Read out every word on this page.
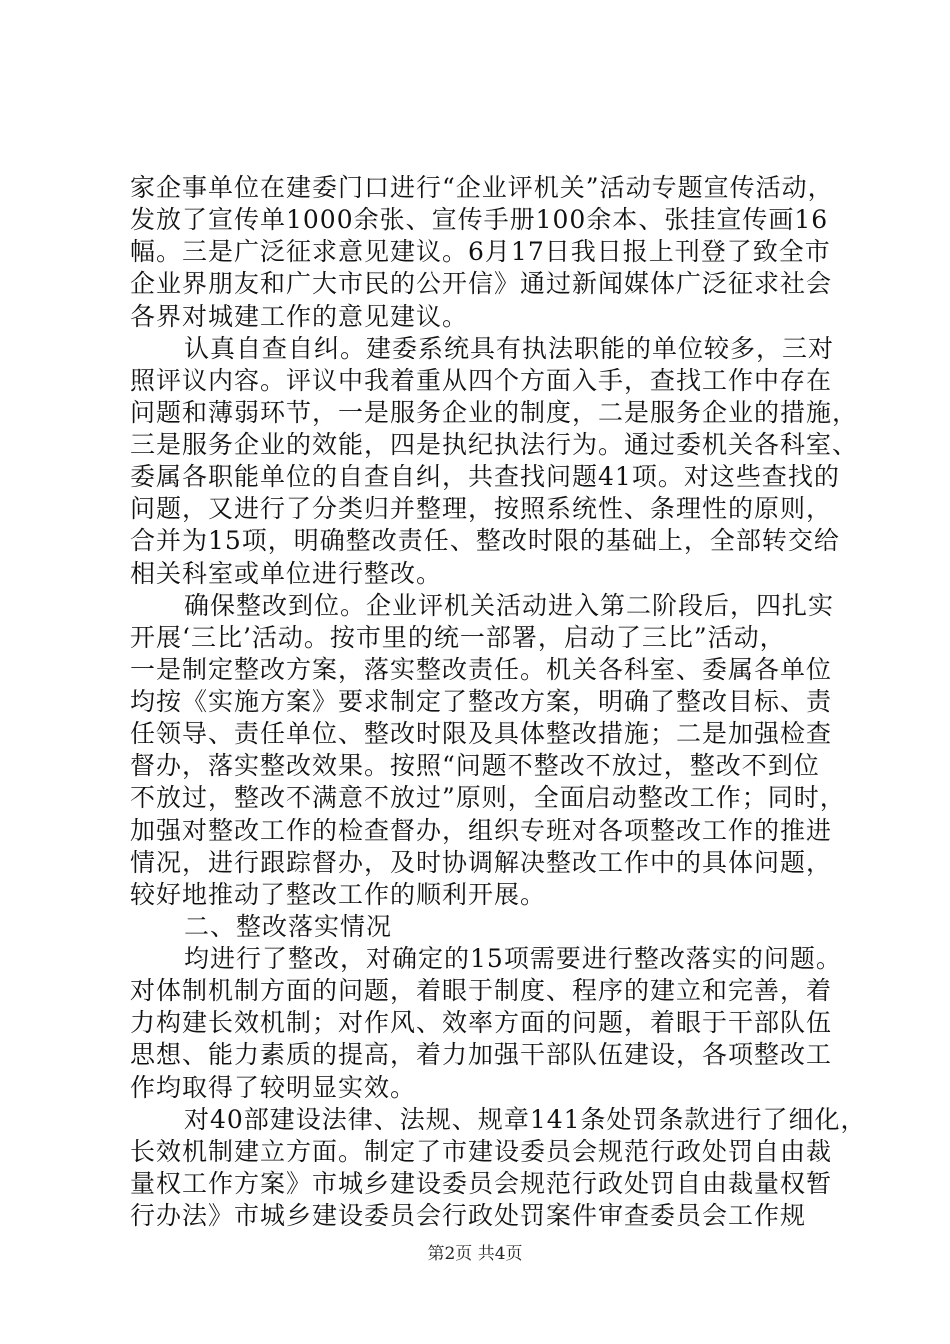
家企事单位在建委门口进行“企业评机关”活动专题宣传活动，
发放了宣传单1000余张、宣传手册100余本、张挂宣传画16
幅。三是广泛征求意见建议。6月17日我日报上刊登了致全市
企业界朋友和广大市民的公开信》通过新闻媒体广泛征求社会
各界对城建工作的意见建议。
认真自查自纠。建委系统具有执法职能的单位较多，三对
照评议内容。评议中我着重从四个方面入手，查找工作中存在
问题和薄弱环节，一是服务企业的制度，二是服务企业的措施，
三是服务企业的效能，四是执纪执法行为。通过委机关各科室、
委属各职能单位的自查自纠，共查找问题41项。对这些查找的
问题，又进行了分类归并整理，按照系统性、条理性的原则，
合并为15项，明确整改责任、整改时限的基础上，全部转交给
相关科室或单位进行整改。
确保整改到位。企业评机关活动进入第二阶段后，四扎实
开展‘三比’活动。按市里的统一部署，启动了三比”活动，
一是制定整改方案，落实整改责任。机关各科室、委属各单位
均按《实施方案》要求制定了整改方案，明确了整改目标、责
任领导、责任单位、整改时限及具体整改措施；二是加强检查
督办，落实整改效果。按照“问题不整改不放过，整改不到位
不放过，整改不满意不放过”原则，全面启动整改工作；同时，
加强对整改工作的检查督办，组织专班对各项整改工作的推进
情况，进行跟踪督办，及时协调解决整改工作中的具体问题，
较好地推动了整改工作的顺利开展。
二、整改落实情况
均进行了整改，对确定的15项需要进行整改落实的问题。
对体制机制方面的问题，着眼于制度、程序的建立和完善，着
力构建长效机制；对作风、效率方面的问题，着眼于干部队伍
思想、能力素质的提高，着力加强干部队伍建设，各项整改工
作均取得了较明显实效。
对40部建设法律、法规、规章141条处罚条款进行了细化，
长效机制建立方面。制定了市建设委员会规范行政处罚自由裁
量权工作方案》市城乡建设委员会规范行政处罚自由裁量权暂
行办法》市城乡建设委员会行政处罚案件审查委员会工作规
第2页 共4页
